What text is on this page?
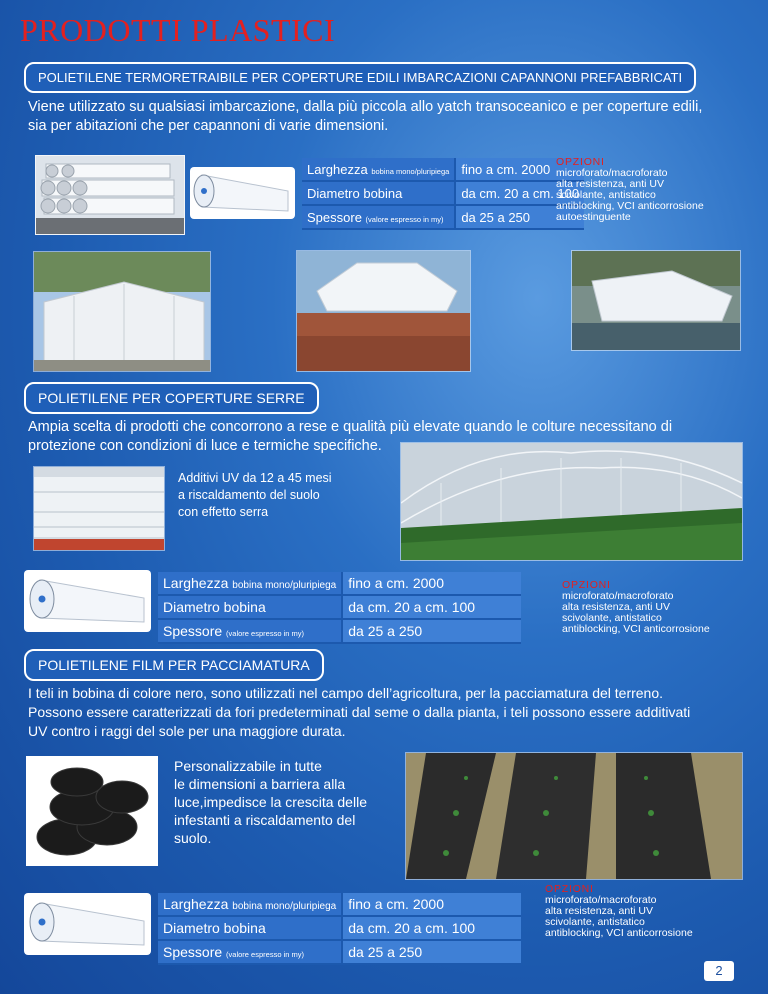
PRODOTTI PLASTICI
POLIETILENE TERMORETRAIBILE PER COPERTURE EDILI IMBARCAZIONI CAPANNONI PREFABBRICATI
Viene utilizzato su qualsiasi imbarcazione, dalla più piccola allo yatch transoceanico e per coperture edili,
sia per abitazioni che per capannoni di varie dimensioni.
Larghezza bobina mono/pluripiega	fino a cm. 2000
Diametro bobina	da cm. 20 a cm. 100
Spessore (valore espresso in my)	da 25 a 250
OPZIONI
microforato/macroforato
alta resistenza, anti UV
scivolante, antistatico
antiblocking, VCI anticorrosione
autoestinguente
POLIETILENE PER COPERTURE SERRE
Ampia scelta di prodotti che concorrono a rese e qualità più elevate quando le colture necessitano di
protezione con condizioni di luce e termiche specifiche.
Additivi UV da 12 a 45 mesi
a riscaldamento del suolo
con effetto serra
Larghezza bobina mono/pluripiega	fino a cm. 2000
Diametro bobina	da cm. 20 a cm. 100
Spessore (valore espresso in my)	da 25 a 250
OPZIONI
microforato/macroforato
alta resistenza, anti UV
scivolante, antistatico
antiblocking, VCI anticorrosione
POLIETILENE FILM PER PACCIAMATURA
I teli in bobina di colore nero, sono utilizzati nel campo dell’agricoltura, per la pacciamatura del terreno.
Possono essere caratterizzati da fori predeterminati dal seme o dalla pianta, i teli possono essere additivati
UV contro i raggi del sole per una maggiore durata.
Personalizzabile in tutte
le dimensioni a barriera alla
luce,impedisce la crescita delle
infestanti a riscaldamento del
suolo.
Larghezza bobina mono/pluripiega	fino a cm. 2000
Diametro bobina	da cm. 20 a cm. 100
Spessore (valore espresso in my)	da 25 a 250
OPZIONI
microforato/macroforato
alta resistenza, anti UV
scivolante, antistatico
antiblocking, VCI anticorrosione
2
